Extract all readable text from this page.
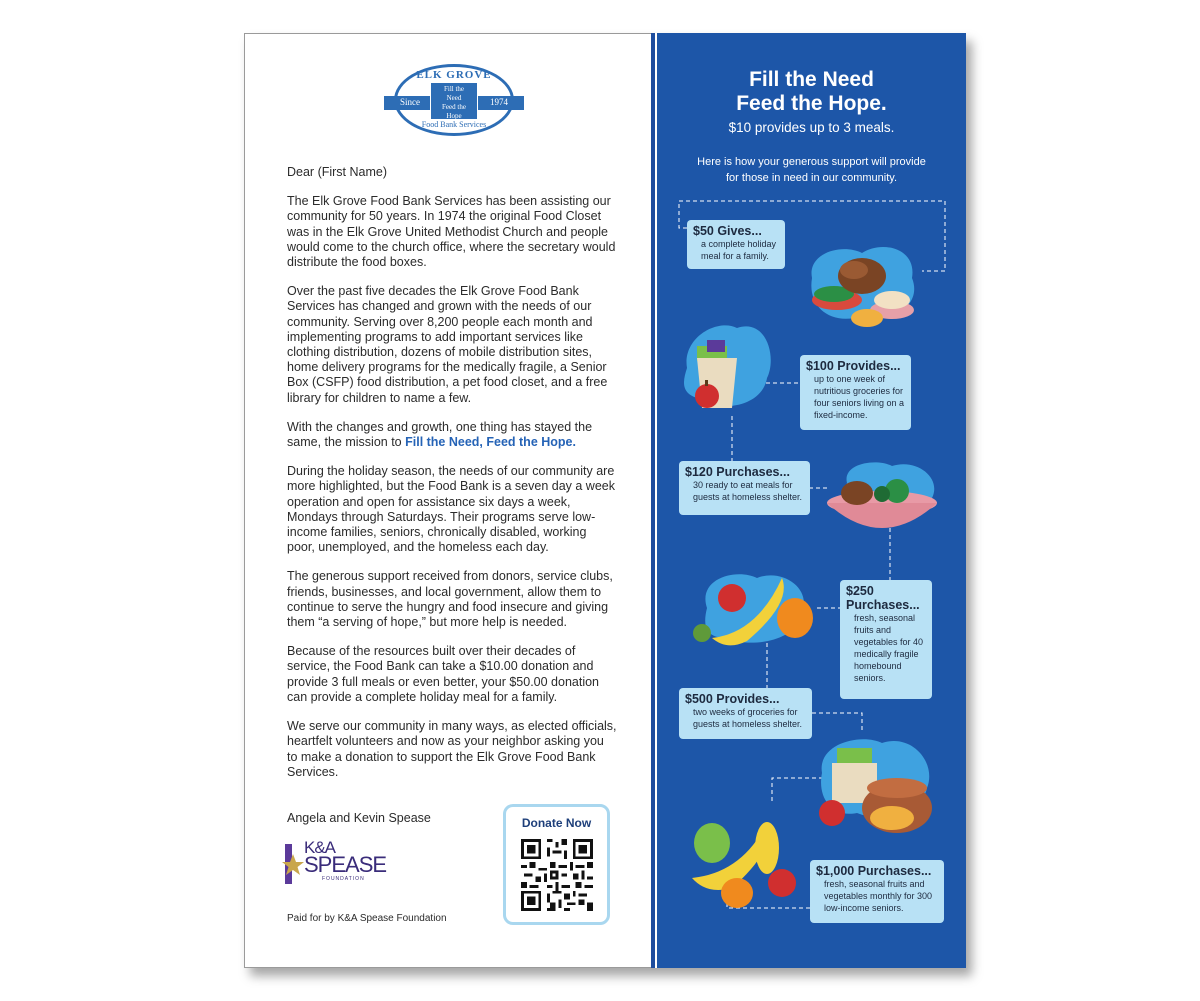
ELK GROVE
Since	1974
Fill the
Need
Feed the
Hope
Food Bank Services

Dear (First Name)

The Elk Grove Food Bank Services has been assisting our community for 50 years. In 1974 the original Food Closet was in the Elk Grove United Methodist Church and people would come to the church office, where the secretary would distribute the food boxes.

Over the past five decades the Elk Grove Food Bank Services has changed and grown with the needs of our community. Serving over 8,200 people each month and implementing programs to add important services like clothing distribution, dozens of mobile distribution sites, home delivery programs for the medically fragile, a Senior Box (CSFP) food distribution, a pet food closet, and a free library for children to name a few.

With the changes and growth, one thing has stayed the same, the mission to Fill the Need, Feed the Hope.

During the holiday season, the needs of our community are more highlighted, but the Food Bank is a seven day a week operation and open for assistance six days a week, Mondays through Saturdays. Their programs serve low-income families, seniors, chronically disabled, working poor, unemployed, and the homeless each day.

The generous support received from donors, service clubs, friends, businesses, and local government, allow them to continue to serve the hungry and food insecure and giving them “a serving of hope,” but more help is needed.

Because of the resources built over their decades of service, the Food Bank can take a $10.00 donation and provide 3 full meals or even better, your $50.00 donation can provide a complete holiday meal for a family.

We serve our community in many ways, as elected officials, heartfelt volunteers and now as your neighbor asking you to make a donation to support the Elk Grove Food Bank Services.

Angela and Kevin Spease
K&A
SPEASE
FOUNDATION
Paid for by K&A Spease Foundation
Donate Now
Fill the Need
Feed the Hope.
$10 provides up to 3 meals.
Here is how your generous support will provide
for those in need in our community.
$50 Gives...
a complete holiday meal for a family.
$100 Provides...
up to one week of nutritious groceries for four seniors living on a fixed-income.
$120 Purchases...
30 ready to eat meals for guests at homeless shelter.
$250 Purchases...
fresh, seasonal fruits and vegetables for 40 medically fragile homebound seniors.
$500 Provides...
two weeks of groceries for guests at homeless shelter.
$1,000 Purchases...
fresh, seasonal fruits and vegetables monthly for 300 low-income seniors.
